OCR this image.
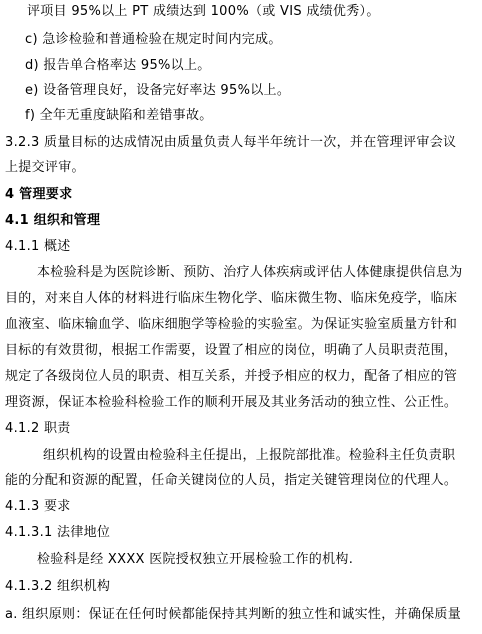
评项目 95%以上 PT 成绩达到 100%（或 VIS 成绩优秀）。
c) 急诊检验和普通检验在规定时间内完成。
d) 报告单合格率达 95%以上。
e) 设备管理良好，设备完好率达 95%以上。
f) 全年无重度缺陷和差错事故。
3.2.3 质量目标的达成情况由质量负责人每半年统计一次，并在管理评审会议
上提交评审。
4 管理要求
4.1 组织和管理
4.1.1 概述
本检验科是为医院诊断、预防、治疗人体疾病或评估人体健康提供信息为
目的，对来自人体的材料进行临床生物化学、临床微生物、临床免疫学，临床
血液室、临床输血学、临床细胞学等检验的实验室。为保证实验室质量方针和
目标的有效贯彻，根据工作需要，设置了相应的岗位，明确了人员职责范围，
规定了各级岗位人员的职责、相互关系，并授予相应的权力，配备了相应的管
理资源，保证本检验科检验工作的顺利开展及其业务活动的独立性、公正性。
4.1.2 职责
组织机构的设置由检验科主任提出，上报院部批准。检验科主任负责职
能的分配和资源的配置，任命关键岗位的人员，指定关键管理岗位的代理人。
4.1.3 要求
4.1.3.1 法律地位
检验科是经 XXXX 医院授权独立开展检验工作的机构.
4.1.3.2 组织机构
a. 组织原则：保证在任何时候都能保持其判断的独立性和诚实性，并确保质量
